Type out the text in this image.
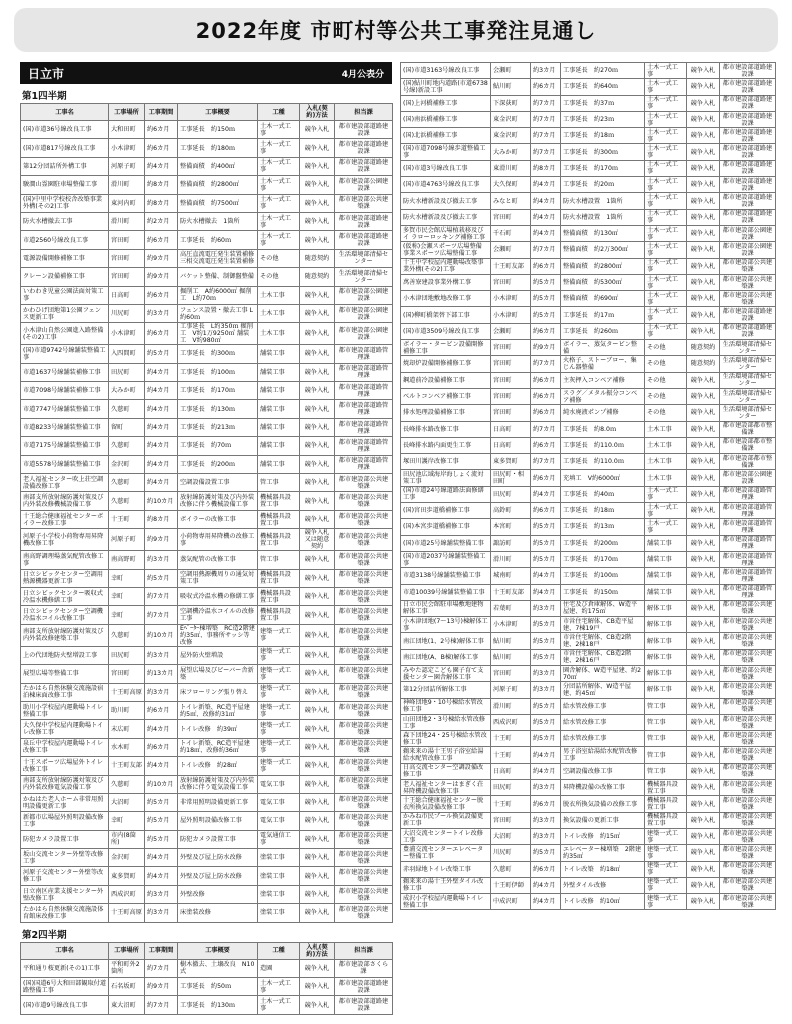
2022年度 市町村等公共工事発注見通し
日立市	4月公表分
第1四半期
工事名	工事場所	工事期間	工事概要	工種	入札(契約)方法	担当課
(国)市道36号線改良工事	大和田町	約6カ月	工事延長　約150ｍ	土木一式工事	競争入札	都市建設部道路建設課
(国)市道817号線改良工事	小木津町	約6カ月	工事延長　約180ｍ	土木一式工事	競争入札	都市建設部道路建設課
第12分団詰所外構工事	河原子町	約4カ月	整備面積　約400㎡	土木一式工事	競争入札	都市建設部道路建設課
駿澗山霊園駐車場整備工事	滑川町	約8カ月	整備面積　約2800㎡	土木一式工事	競争入札	都市建設部公園建設課
(国)中里中学校校舎改築事業外構(その2)工事	東河内町	約8カ月	整備面積　約7500㎡	土木一式工事	競争入札	都市建設部公共建築課
防火水槽撤去工事	滑川町	約2カ月	防火水槽撤去　1箇所	土木一式工事	競争入札	都市建設部道路建設課
市道2560号線改良工事	宮田町	約6カ月	工事延長　約60ｍ	土木一式工事	競争入札	都市建設部道路建設課
電源設備開修補修工事	宮田町	約9カ月	高圧直流電圧発生装置補修 三相交流電圧発生装置補修	その他	随意契約	生活環境部清掃センター
クレーン設備補修工事	宮田町	約9カ月	バケット整備、制御盤整備	その他	随意契約	生活環境部清掃センター
いわわき児童公園法面対策工事	日高町	約6カ月	掘削工　A約6000㎡ 掘削工　L約70ｍ	土木工事	競争入札	都市建設部公園建設課
かわひげ団地第1公園フェンス更新工事	川尻町	約3カ月	フェンス設置・撤去工事 L約60ｍ	土木工事	競争入札	都市建設部公園建設課
小木津山自然公園進入路整備(その2)工事	小木津町	約6カ月	工事延長　L約350ｍ 掘削工　V約1万9250㎥ 舗装工　V約980㎡	土木工事	競争入札	都市建設部公園建設課
(国)市道9742号線舗装整備工事	入四間町	約5カ月	工事延長　約300ｍ	舗装工事	競争入札	都市建設部道路管理課
市道1637号線舗装補修工事	田尻町	約4カ月	工事延長　約100ｍ	舗装工事	競争入札	都市建設部道路管理課
市道7098号線舗装補修工事	大みか町	約4カ月	工事延長　約170ｍ	舗装工事	競争入札	都市建設部道路管理課
市道7747号線舗装整備工事	久慈町	約4カ月	工事延長　約130ｍ	舗装工事	競争入札	都市建設部道路管理課
市道8233号線舗装整備工事	留町	約4カ月	工事延長　約213ｍ	舗装工事	競争入札	都市建設部道路管理課
市道7175号線舗装整備工事	久慈町	約4カ月	工事延長　約70ｍ	舗装工事	競争入札	都市建設部道路管理課
市道5578号線舗装整備工事	金沢町	約4カ月	工事延長　約200ｍ	舗装工事	競争入札	都市建設部道路管理課
老人福祉センター吹上荘空調設備改修工事	久慈町	約4カ月	空調設備設置工事	管工事	競争入札	都市建設部公共建築課
南部支所放射線防護対策及び内外装改修機械設備工事	久慈町	約10カ月	放射線防護対策及び内外装改修に伴う機械設備工事	機械器具設置工事	競争入札	都市建設部公共建築課
十王総合健康福祉センターボイラー改修工事	十王町	約8カ月	ボイラーの改修工事	機械器具設置工事	競争入札	都市建設部公共建築課
河原子小学校小荷物専用昇降機改修工事	河原子町	約9カ月	小荷物専用昇降機の改修工事	機械器具設置工事	競争入札又は随意契約	都市建設部公共建築課
南高野調理場蒸気配管改修工事	南高野町	約3カ月	蒸気配管の改修工事	管工事	競争入札	都市建設部公共建築課
日立シビックセンター空調用熱源機器更新工事	幸町	約5カ月	空調用熱源機周りの通気対策工事	機械器具設置工事	競争入札	都市建設部公共建築課
日立シビックセンター吸収式冷温水機修繕工事	幸町	約7カ月	吸収式冷温水機の修繕工事	機械器具設置工事	競争入札	都市建設部公共建築課
日立シビックセンター空調機冷温水コイル改修工事	幸町	約7カ月	空調機冷温水コイルの改修工事	機械器具設置工事	競争入札	都市建設部公共建築課
南部支所放射線防護対策及び内外装改修建築工事	久慈町	約10カ月	Eﾍﾞｰﾀｰ棟増築　RC造2階建　約35㎡、事務所サッシ等改修	建築一式工事	競争入札	都市建設部公共建築課
上の代団地防火壁増設工事	田尻町	約3カ月	屋外防火壁増設	建築一式工事	競争入札	都市建設部公共建築課
展望広場等整備工事	宮田町	約13カ月	展望広場及びビーバー舎新築	建築一式工事	競争入札	都市建設部公共建築課
たかはら自然休験交流施設宿泊棟床面改修工事	十王町高原	約3カ月	床フローリング張り替え	建築一式工事	競争入札	都市建設部公共建築課
助川小学校屋内運動場トイレ整備工事	助川町	約6カ月	トイレ新築、RC造平屋建約5㎡、改修約31㎡	建築一式工事	競争入札	都市建設部公共建築課
大久保中学校屋内運動場トイレ改修工事	末広町	約4カ月	トイレ改修　約39㎡	建築一式工事	競争入札	都市建設部公共建築課
泉丘中学校屋内運動場トイレ改修工事	水木町	約6カ月	トイレ新築、RC造平屋建約18㎡、改修約36㎡	建築一式工事	競争入札	都市建設部公共建築課
十王スポーツ広場屋外トイレ改修工事	十王町友部	約4カ月	トイレ改修　約28㎡	建築一式工事	競争入札	都市建設部公共建築課
南部支所放射線防護対策及び内外装改修電気設備工事	久慈町	約10カ月	放射線防護対策及び内外装改修に伴う電気設備工事	電気工事	競争入札	都市建設部公共建築課
かねはた老人ホーム非常用照明設備更新工事	大沼町	約5カ月	非常用照明設備更新工事	電気工事	競争入札	都市建設部公共建築課
新都市広場屋外照明設備改修工事	幸町	約5カ月	屋外照明設備改修工事	電気工事	競争入札	都市建設部公共建築課
防犯カメラ設置工事	市内(8箇所)	約5カ月	防犯カメラ設置工事	電気通信工事	競争入札	都市建設部公共建築課
坂山交流センター外壁等改修工事	金沢町	約4カ月	外壁及び屋上防水改修	塗装工事	競争入札	都市建設部公共建築課
河原子交流センター外壁等改修工事	東多賀町	約4カ月	外壁及び屋上防水改修	塗装工事	競争入札	都市建設部公共建築課
日立南区産業支援センター外壁改修工事	西成沢町	約3カ月	外壁改修	塗装工事	競争入札	都市建設部公共建築課
たかはら自然休験交流施設体育館床改修工事	十王町高原	約3カ月	床塗装改修	塗装工事	競争入札	都市建設部公共建築課
第2四半期
工事名	工事場所	工事期間	工事概要	工種	入札(契約)方法	担当課
平和通り桜更新(その1)工事	平和町外2箇所	約7カ月	樹木撤去、土壌改良　N10式	造園	競争入札	都市建設部さくら課
(国)国道6号大和田部観取付道路整備工事	石名坂町	約9カ月	工事延長　約50ｍ	土木一式工事	競争入札	都市建設部道路建設課
(国)市道9号線改良工事	東大沼町	約7カ月	工事延長　約130ｍ	土木一式工事	競争入札	都市建設部道路建設課
(国)市道3163号線改良工事	会瀬町	約3カ月	工事延長　約270ｍ	土木一式工事	競争入札	都市建設部道路建設課
(国)鮎川町地内道路(市道6738号線)新設工事	鮎川町	約6カ月	工事延長　約640ｍ	土木一式工事	競争入札	都市建設部道路建設課
(国)上河橋補修工事	下深荻町	約7カ月	工事延長　約37ｍ	土木一式工事	競争入札	都市建設部道路建設課
(国)南浜橋補修工事	東金沢町	約7カ月	工事延長　約23ｍ	土木一式工事	競争入札	都市建設部道路建設課
(国)北浜橋補修工事	東金沢町	約7カ月	工事延長　約18ｍ	土木一式工事	競争入札	都市建設部道路建設課
(国)市道7098号線歩道整備工事	大みか町	約7カ月	工事延長　約300ｍ	土木一式工事	競争入札	都市建設部道路建設課
(国)市道3号線改良工事	東滑川町	約8カ月	工事延長　約170ｍ	土木一式工事	競争入札	都市建設部道路建設課
(国)市道4763号線改良工事	大久保町	約4カ月	工事延長　約20ｍ	土木一式工事	競争入札	都市建設部道路建設課
防火水槽新設及び撤去工事	みなと町	約4カ月	防火水槽設置　1箇所	土木一式工事	競争入札	都市建設部道路建設課
防火水槽新設及び撤去工事	宮田町	約4カ月	防火水槽設置　1箇所	土木一式工事	競争入札	都市建設部道路建設課
多賀市民会館広場植栽移及びイ ラローロッキング補修工事	千石町	約4カ月	整備面積　約130㎡	土木一式工事	競争入札	都市建設部公園建設課
(仮称)会瀬スポーツ広場整備事業スポーツ広場整備工事	会瀬町	約7カ月	整備面積　約2万300㎡	土木一式工事	競争入札	都市建設部公園建設課
十王中学校屋内運動場改築事業外構(その2)工事	十王町友部	約6カ月	整備面積　約2800㎡	土木一式工事	競争入札	都市建設部公共建築課
萬善寮建設事業外構工事	宮田町	約5カ月	整備面積　約5300㎡	土木一式工事	競争入札	都市建設部公共建築課
小木津団地敷地改修工事	小木津町	約5カ月	整備面積　約690㎡	土木一式工事	競争入札	都市建設部公共建築課
(国)柳町橋架替下部工事	小木津町	約5カ月	工事延長　約17ｍ	土木一式工事	競争入札	都市建設部道路建設課
(国)市道3509号線改良工事	会瀬町	約6カ月	工事延長　約260ｍ	土木一式工事	競争入札	都市建設部道路建設課
ボイラー・タービン設備開修補修工事	宮田町	約9カ月	ボイラー、蒸気タービン整備	その他	随意契約	生活環境部清掃センター
焼却炉設備開修補修工事	宮田町	約7カ月	火格子、ストーブロー、集じん器整備	その他	随意契約	生活環境部清掃センター
鋼道前冷設備補修工事	宮田町	約6カ月	主灰押入コンベア補修	その他	競争入札	生活環境部清掃センター
ベルトコンベア補修工事	宮田町	約6カ月	スラグ／メタル振分コンベア補修	その他	競争入札	生活環境部清掃センター
排水処理設備補修工事	宮田町	約6カ月	純水廃液ポンプ補修	その他	競争入札	生活環境部清掃センター
長峰排水路改修工事	日高町	約7カ月	工事延長　約8.0ｍ	土木工事	競争入札	都市建設部都市整備課
長峰排水路内面更生工事	日高町	約6カ月	工事延長　約110.0ｍ	土木工事	競争入札	都市建設部都市整備課
塚田川護岸改修工事	東多賀町	約7カ月	工事延長　約110.0ｍ	土木工事	競争入札	都市建設部都市整備課
田尻池広域海岸海しょく流対策工事	田尻町・相田町	約6カ月	充填工　V約6000㎡	土木工事	競争入札	都市建設部公園建設課
(国)市道24号線道路法面修繕工事	田尻町	約4カ月	工事延長　約40ｍ	土木一式工事	競争入札	都市建設部道路管理課
(国)宮田歩道橋補修工事	高鈴町	約6カ月	工事延長　約18ｍ	土木一式工事	競争入札	都市建設部道路管理課
(国)本宮歩道橋補修工事	本宮町	約5カ月	工事延長　約13ｍ	土木一式工事	競争入札	都市建設部道路管理課
(国)市道25号線舗装整備工事	諏訪町	約5カ月	工事延長　約200ｍ	舗装工事	競争入札	都市建設部道路管理課
(国)市道2037号線舗装整備工事	滑川町	約5カ月	工事延長　約170ｍ	舗装工事	競争入札	都市建設部道路管理課
市道3138号線舗装整備工事	城南町	約4カ月	工事延長　約100ｍ	舗装工事	競争入札	都市建設部道路管理課
市道10039号線舗装整備工事	十王町友部	約4カ月	工事延長　約150ｍ	舗装工事	競争入札	都市建設部道路管理課
日立市民会館駐車場敷地建物解体工事	若葉町	約3カ月	住宅及び倉庫解体、W造平屋建、約175㎡	解体工事	競争入札	都市建設部公共建築課
小木津団地(7～13号)棟解体工事	小木津町	約5カ月	市営住宅解体、CB造平屋建、7棟19戸	解体工事	競争入札	都市建設部公共建築課
南江団地(1、2号棟)解体工事	鮎川町	約5カ月	市営住宅解体、CB造2階建、2棟18戸	解体工事	競争入札	都市建設部公共建築課
南江団地(A、B棟)解体工事	鮎川町	約5カ月	市営住宅解体、CB造2階建、2棟16戸	解体工事	競争入札	都市建設部公共建築課
みやた認定こども園子育て支援センター園舎解体工事	宮田町	約3カ月	園舎解体、W造平屋建、約270㎡	解体工事	競争入札	都市建設部公共建築課
第12分団詰所解体工事	河原子町	約3カ月	分団詰所解体、W造平屋建、約45㎡	解体工事	競争入札	都市建設部公共建築課
神峰団地9・10号棟給水管改修工事	滑川町	約5カ月	給水管改修工事	管工事	競争入札	都市建設部公共建築課
山田団地2・3号棟給水管改修工事	西成沢町	約5カ月	給水管改修工事	管工事	競争入札	都市建設部公共建築課
森下団地24・25号棟給水管改修工事	十王町	約5カ月	給水管改修工事	管工事	競争入札	都市建設部公共建築課
鵜来来の湯十王男子浴室給湯給水配管改修工事	十王町	約4カ月	男子浴室給湯給水配管改修工事	管工事	競争入札	都市建設部公共建築課
日高交流センター空調設備改修工事	日高町	約4カ月	空調設備改修工事	管工事	競争入札	都市建設部公共建築課
老人福祉センターはまぎく荘昇降機設備改修工事	田尻町	約3カ月	昇降機設備の改修工事	機械器具設置工事	競争入札	都市建設部公共建築課
十王総合健康福祉センター脱衣所換気設備改修工事	十王町	約6カ月	脱衣所換気設備の改修工事	機械器具設置工事	競争入札	都市建設部公共建築課
かみね市民プール換気設備更新工事	宮田町	約3カ月	換気設備の更新工事	機械器具設置工事	競争入札	都市建設部公共建築課
大沼交流センタートイレ改修工事	大沼町	約3カ月	トイレ改修　約15㎡	建築一式工事	競争入札	都市建設部公共建築課
豊浦交流センターエレベーター整備工事	川尻町	約5カ月	エレベーター棟増築　2階建約35㎡	建築一式工事	競争入札	都市建設部公共建築課
赤羽緑地トイレ改築工事	久慈町	約6カ月	トイレ改築　約18㎡	建築一式工事	競争入札	都市建設部公共建築課
鵜来来の湯十王外壁タイル改修工事	十王町伊師	約4カ月	外壁タイル改修	建築一式工事	競争入札	都市建設部公共建築課
成沢小学校屋内運動場トイレ整備工事	中成沢町	約4カ月	トイレ改修　約10㎡	建築一式工事	競争入札	都市建設部公共建築課
